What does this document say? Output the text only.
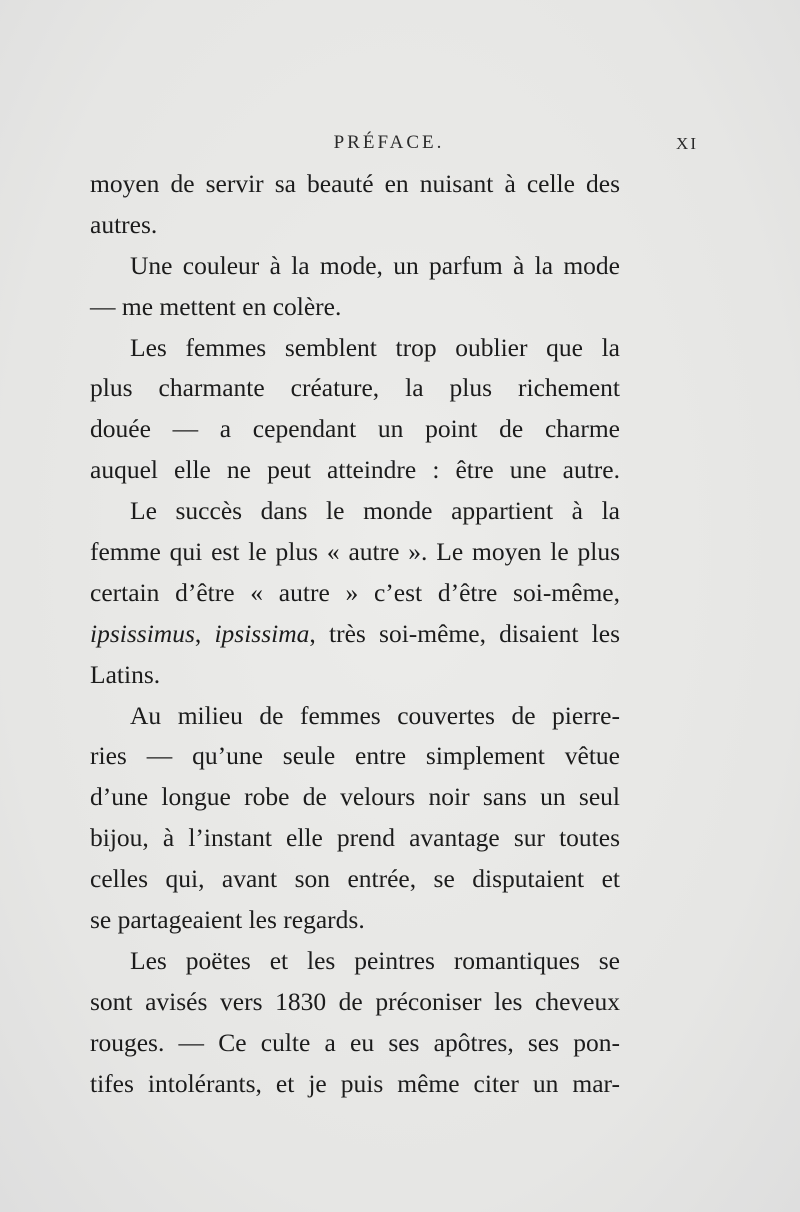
PRÉFACE.	XI
moyen de servir sa beauté en nuisant à celle des
autres.
Une couleur à la mode, un parfum à la mode
— me mettent en colère.
Les femmes semblent trop oublier que la
plus charmante créature, la plus richement
douée — a cependant un point de charme
auquel elle ne peut atteindre : être une autre.
Le succès dans le monde appartient à la
femme qui est le plus « autre ». Le moyen le plus
certain d’être « autre » c’est d’être soi-même,
ipsissimus, ipsissima, très soi-même, disaient les
Latins.
Au milieu de femmes couvertes de pierre-
ries — qu’une seule entre simplement vêtue
d’une longue robe de velours noir sans un seul
bijou, à l’instant elle prend avantage sur toutes
celles qui, avant son entrée, se disputaient et
se partageaient les regards.
Les poëtes et les peintres romantiques se
sont avisés vers 1830 de préconiser les cheveux
rouges. — Ce culte a eu ses apôtres, ses pon-
tifes intolérants, et je puis même citer un mar-
